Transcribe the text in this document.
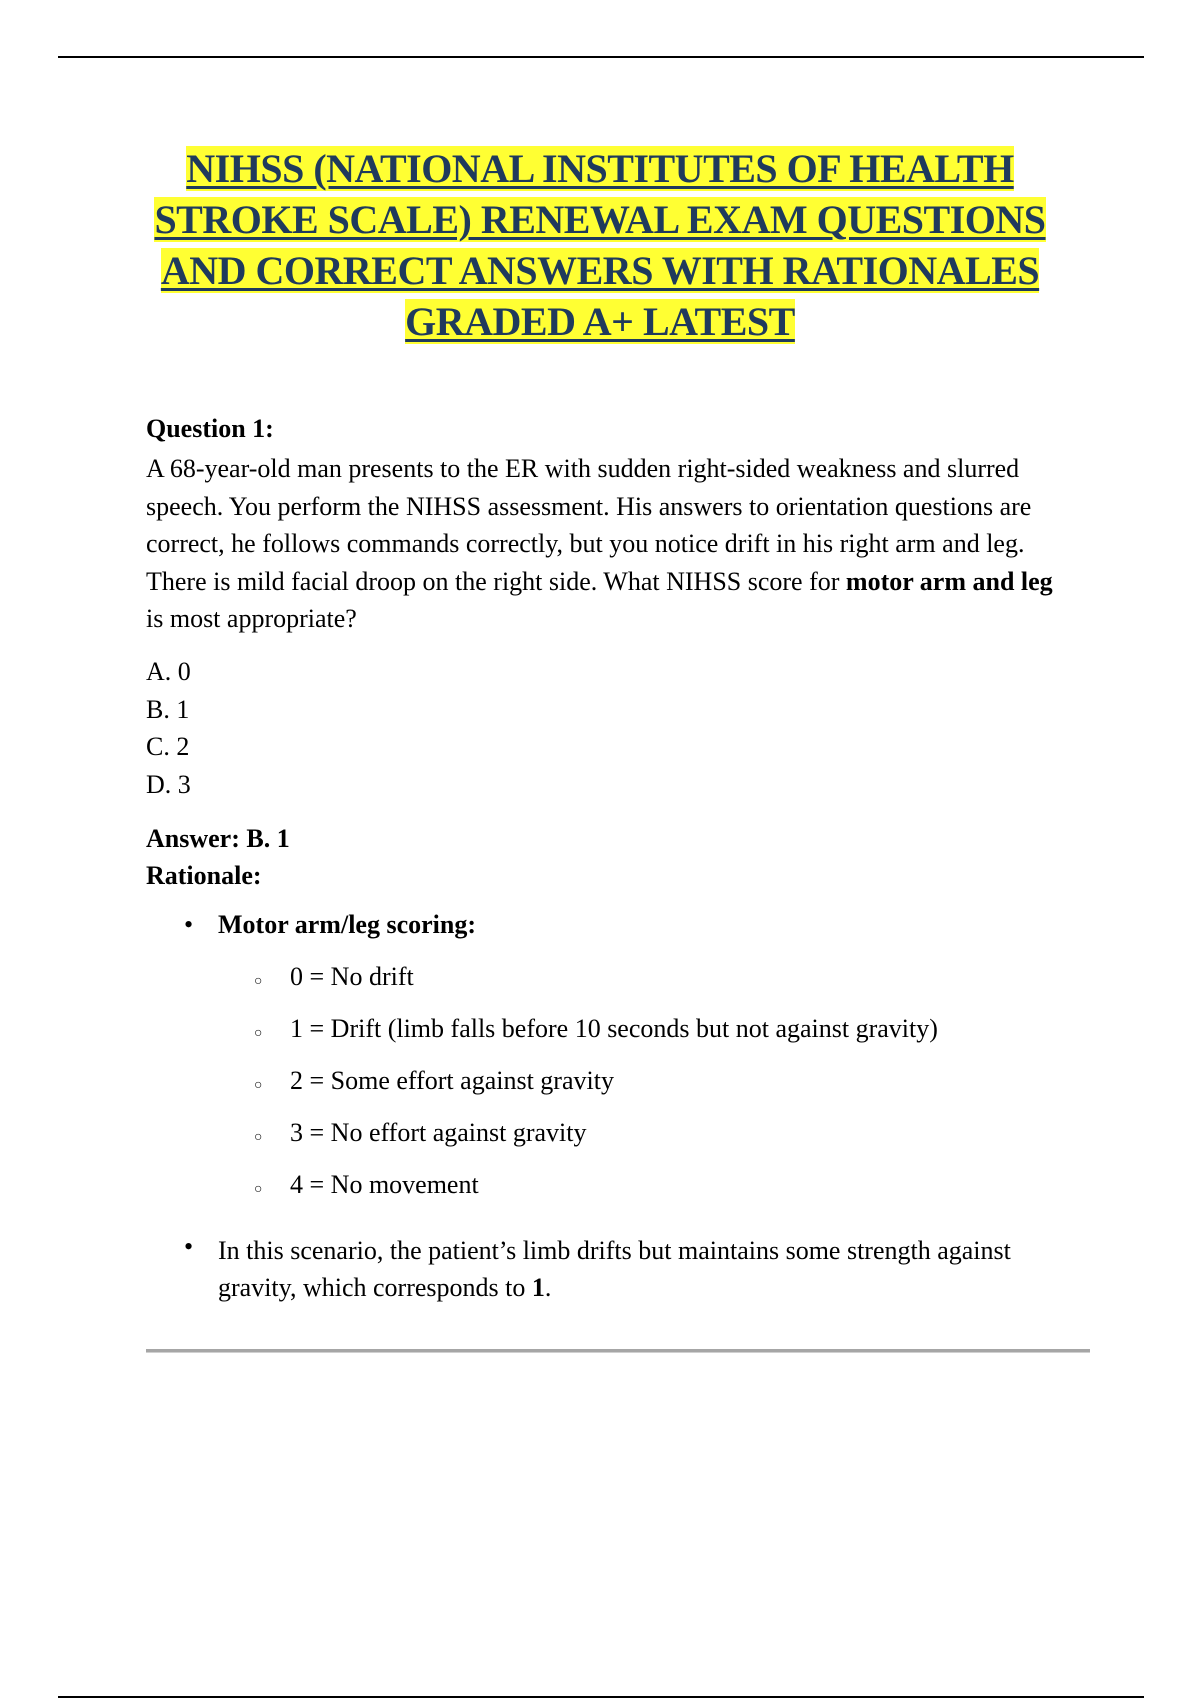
NIHSS (NATIONAL INSTITUTES OF HEALTH
STROKE SCALE) RENEWAL EXAM QUESTIONS
AND CORRECT ANSWERS WITH RATIONALES
GRADED A+ LATEST
Question 1:
A 68-year-old man presents to the ER with sudden right-sided weakness and slurred speech. You perform the NIHSS assessment. His answers to orientation questions are correct, he follows commands correctly, but you notice drift in his right arm and leg. There is mild facial droop on the right side. What NIHSS score for motor arm and leg is most appropriate?
A. 0
B. 1
C. 2
D. 3
Answer: B. 1
Rationale:
• Motor arm/leg scoring:
○ 0 = No drift
○ 1 = Drift (limb falls before 10 seconds but not against gravity)
○ 2 = Some effort against gravity
○ 3 = No effort against gravity
○ 4 = No movement
• In this scenario, the patient’s limb drifts but maintains some strength against gravity, which corresponds to 1.
